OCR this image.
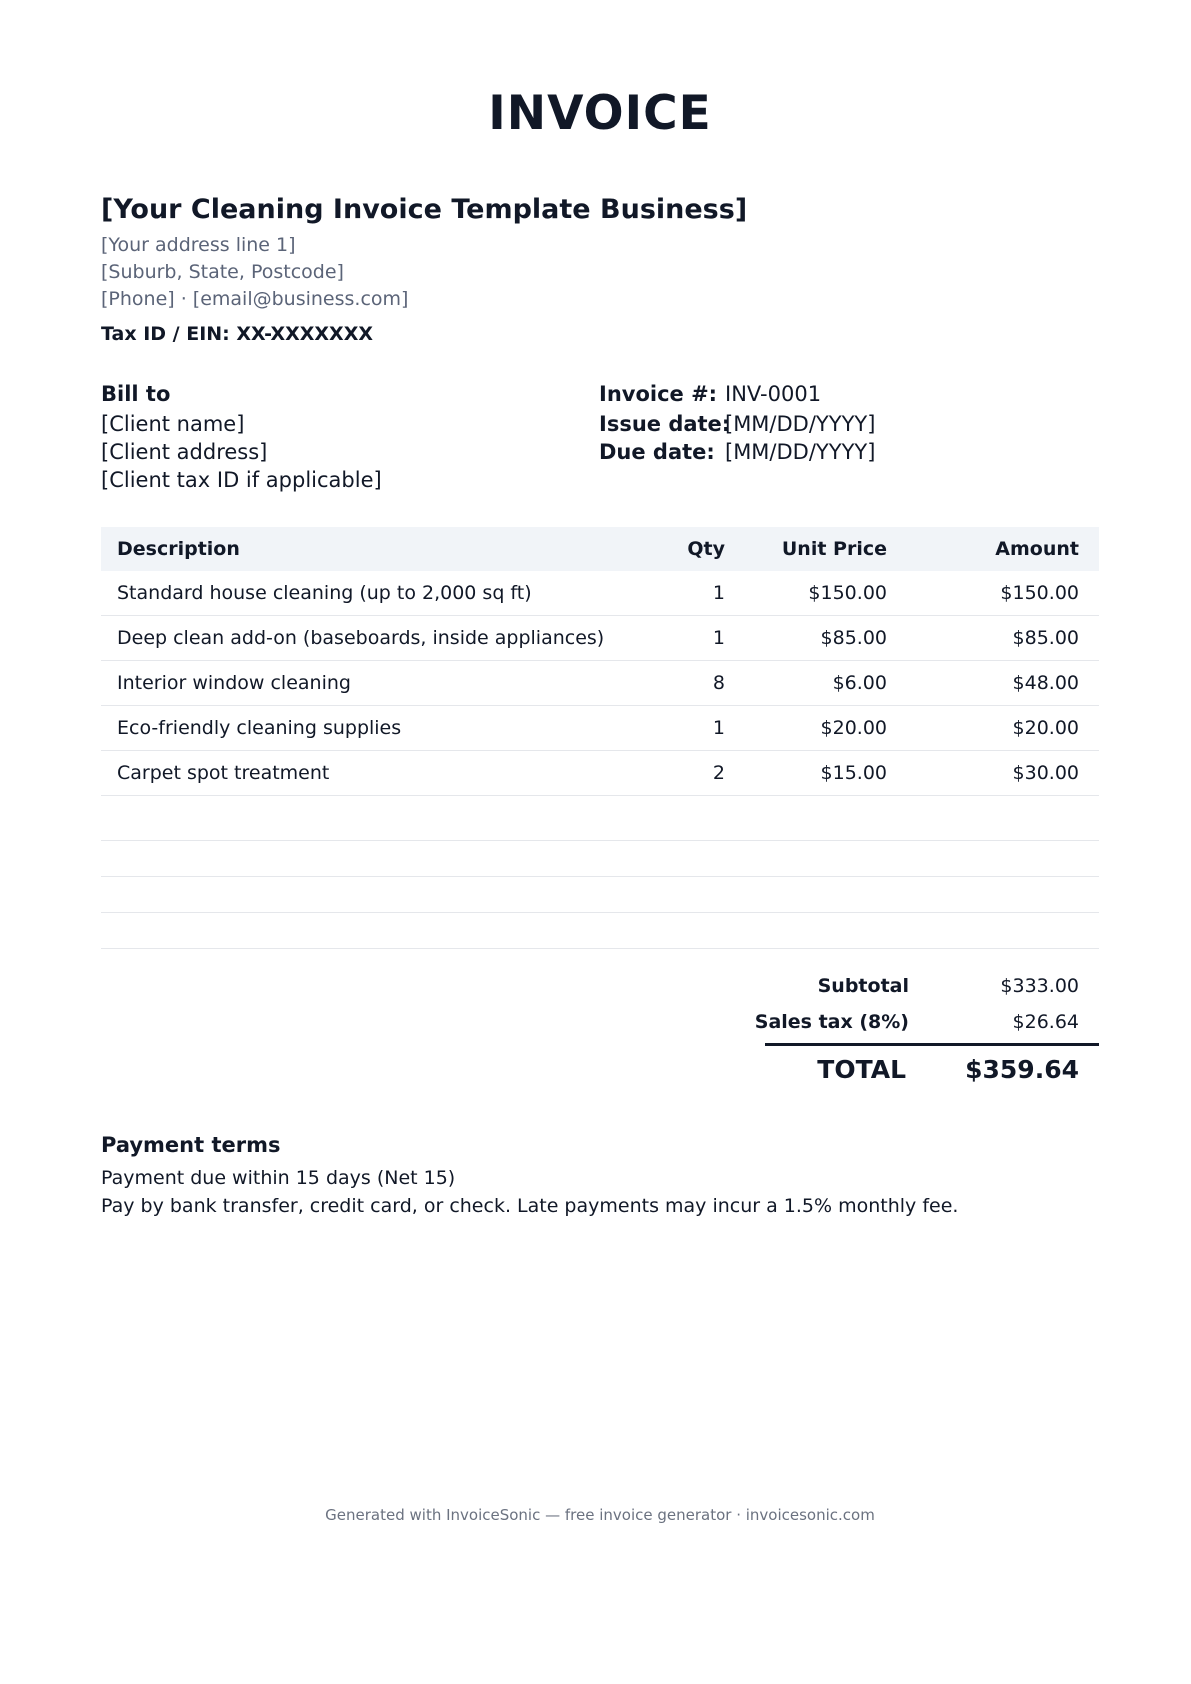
INVOICE
[Your Cleaning Invoice Template Business]
[Your address line 1]
[Suburb, State, Postcode]
[Phone] · [email@business.com]
Tax ID / EIN: XX-XXXXXXX
Bill to
[Client name]
[Client address]
[Client tax ID if applicable]
Invoice #: INV-0001
Issue date:
[MM/DD/YYYY]
Due date: [MM/DD/YYYY]
Description	Qty	Unit Price	Amount
Standard house cleaning (up to 2,000 sq ft)	1	$150.00	$150.00
Deep clean add-on (baseboards, inside appliances)	1	$85.00	$85.00
Interior window cleaning	8	$6.00	$48.00
Eco-friendly cleaning supplies	1	$20.00	$20.00
Carpet spot treatment	2	$15.00	$30.00
Subtotal	$333.00
Sales tax (8%)	$26.64
TOTAL $359.64
Payment terms
Payment due within 15 days (Net 15)
Pay by bank transfer, credit card, or check. Late payments may incur a 1.5% monthly fee.
Generated with InvoiceSonic — free invoice generator · invoicesonic.com
